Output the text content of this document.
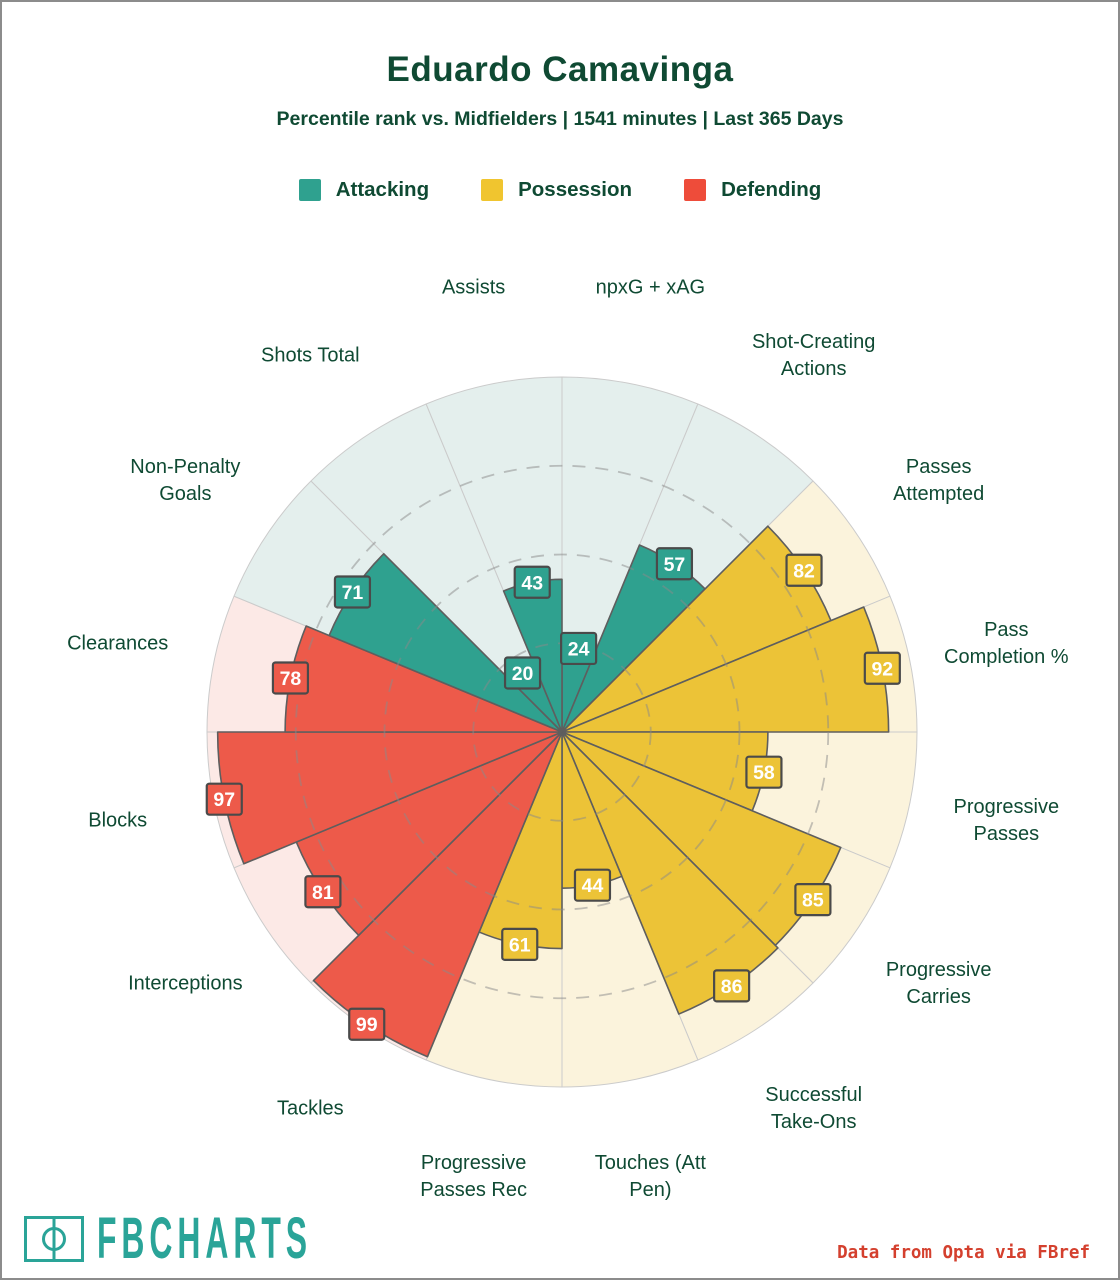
Eduardo Camavinga
Percentile rank vs. Midfielders | 1541 minutes | Last 365 Days
Attacking	Possession	Defending
24
57	82
92
58
85
86
44
61
99
81
97
78
71
20
43
npxG + xAG
Shot-Creating
Actions
Passes
Attempted
Pass
Completion %
Progressive
Passes
Progressive
Carries
Successful
Take-Ons
Touches (Att
Pen)
Progressive
Passes Rec
Tackles
Interceptions
Blocks
Clearances
Non-Penalty
Goals
Shots Total
Assists
FBCHARTS	Data from Opta via FBref
